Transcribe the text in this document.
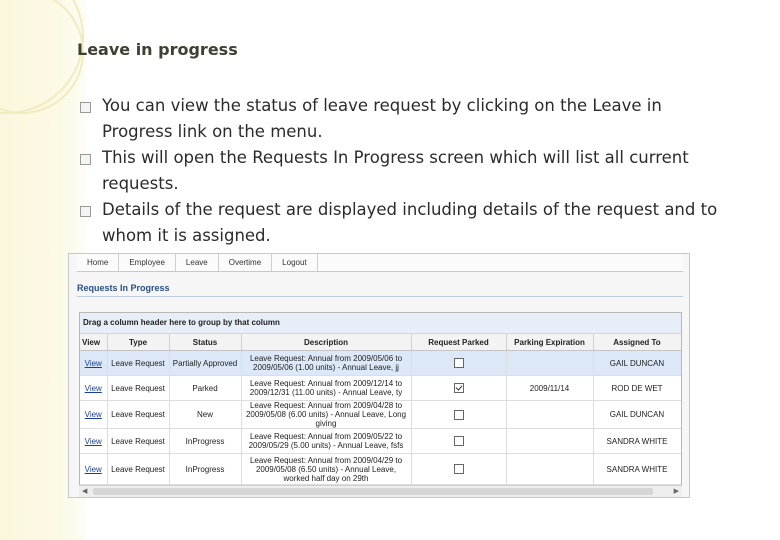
Leave in progress
You can view the status of leave request by clicking on the Leave in Progress link on the menu.
This will open the Requests In Progress screen which will list all current requests.
Details of the request are displayed including details of the request and to whom it is assigned.
Home	Employee	Leave	Overtime	Logout
Requests In Progress
Drag a column header here to group by that column
View	Type	Status	Description	Request Parked	Parking Expiration	Assigned To
View	Leave Request	Partially Approved	Leave Request: Annual from 2009/05/06 to 2009/05/06 (1.00 units) - Annual Leave, jj			GAIL DUNCAN
View	Leave Request	Parked	Leave Request: Annual from 2009/12/14 to 2009/12/31 (11.00 units) - Annual Leave, ty		2009/11/14	ROD DE WET
View	Leave Request	New	Leave Request: Annual from 2009/04/28 to 2009/05/08 (6.00 units) - Annual Leave, Long giving			GAIL DUNCAN
View	Leave Request	InProgress	Leave Request: Annual from 2009/05/22 to 2009/05/29 (5.00 units) - Annual Leave, fsfs			SANDRA WHITE
View	Leave Request	InProgress	Leave Request: Annual from 2009/04/29 to 2009/05/08 (6.50 units) - Annual Leave, worked half day on 29th			SANDRA WHITE
◀	▶
